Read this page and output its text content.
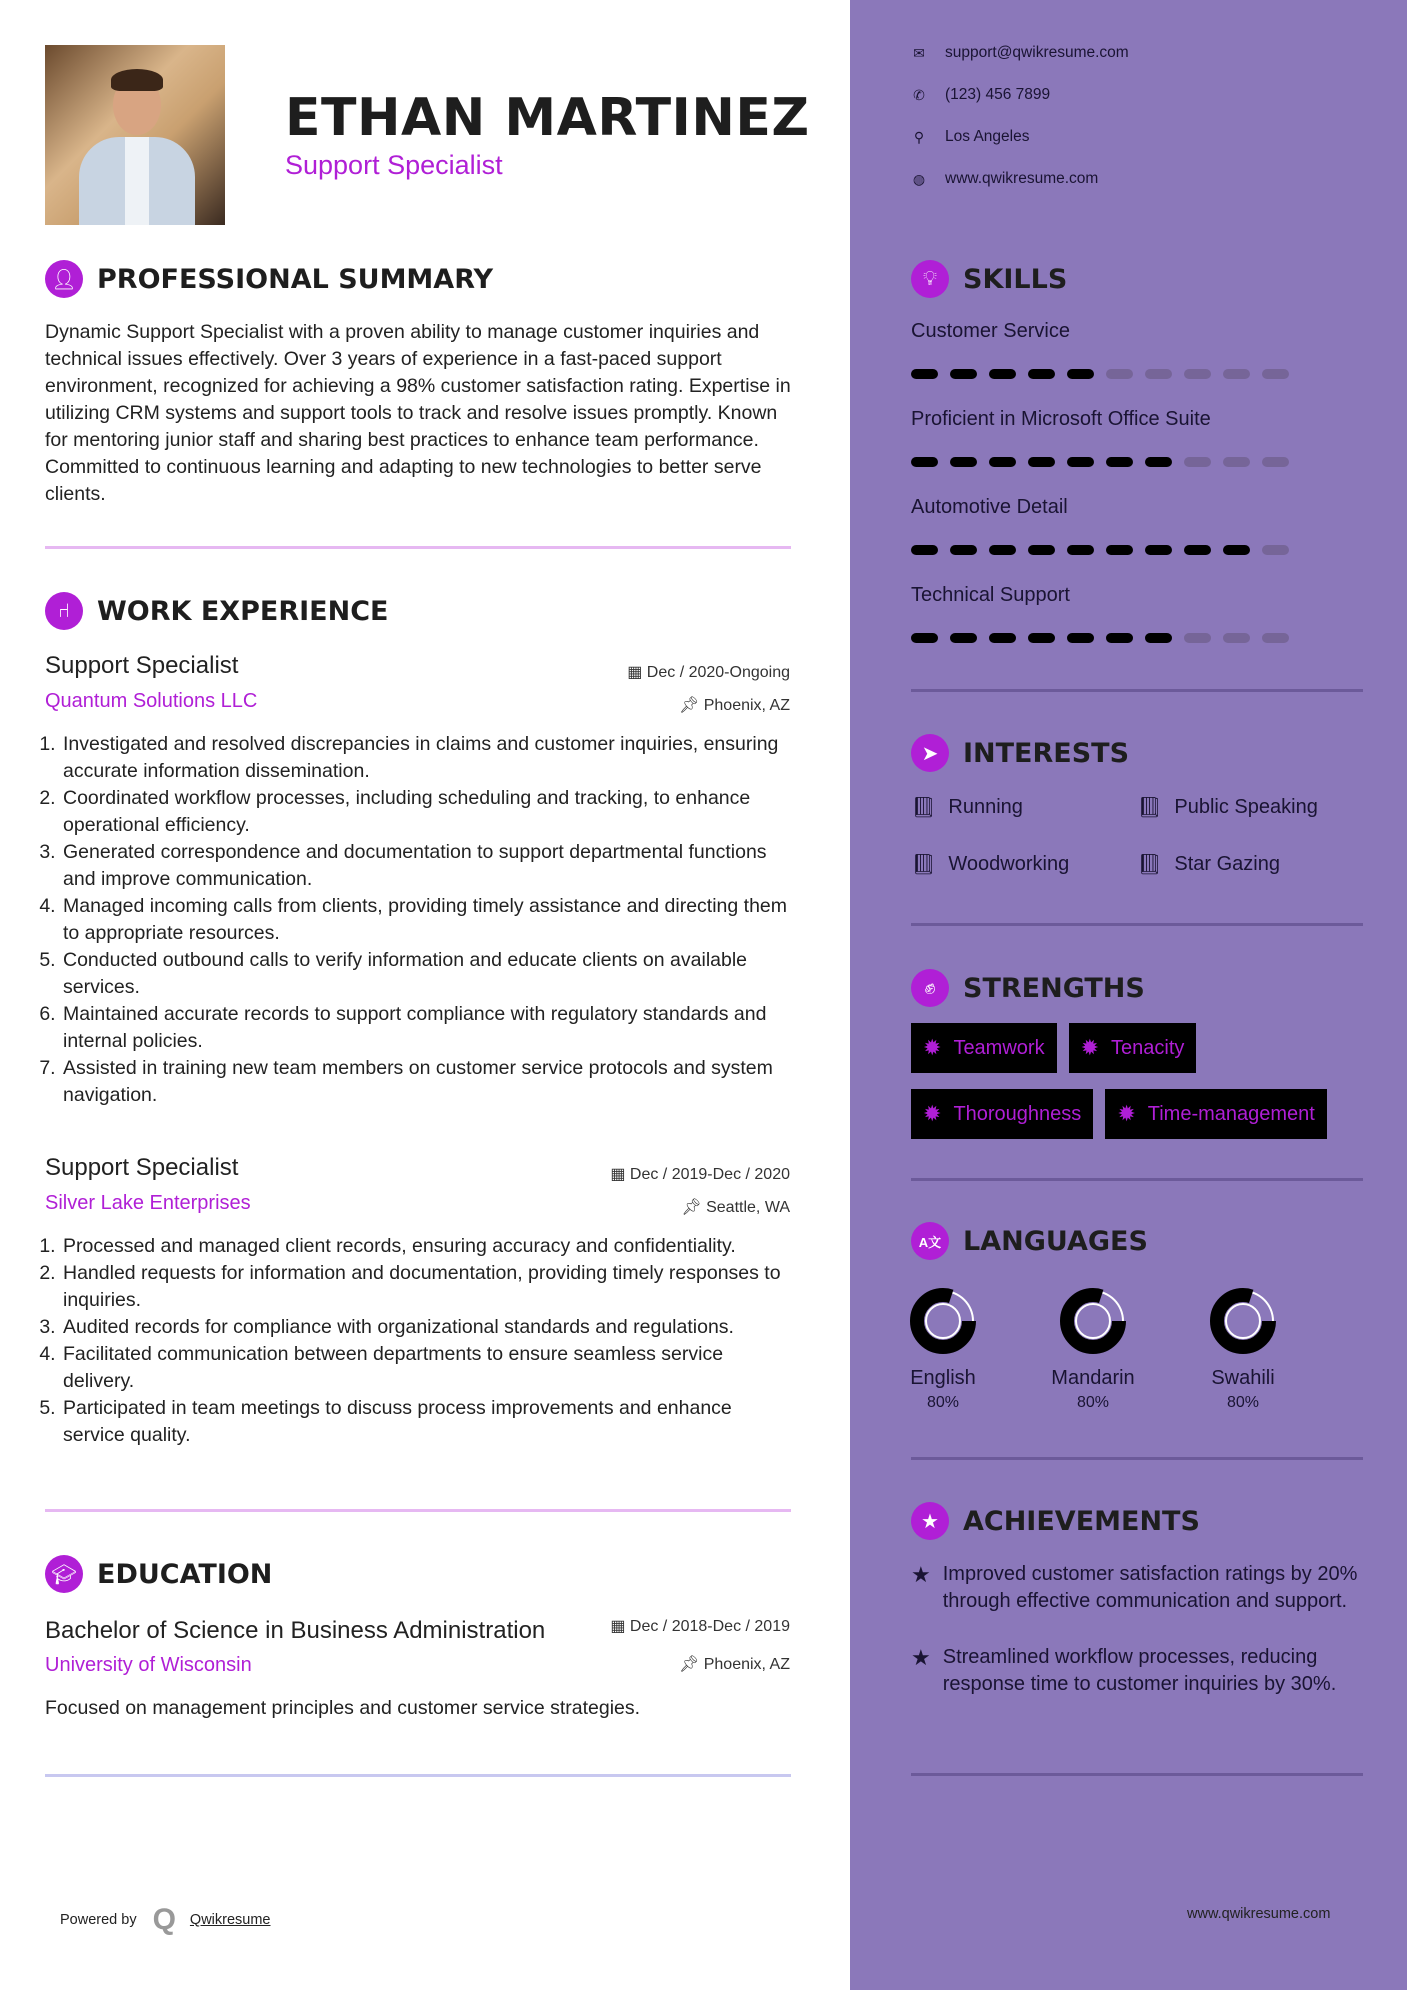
ETHAN MARTINEZ
Support Specialist
👤︎ PROFESSIONAL SUMMARY

Dynamic Support Specialist with a proven ability to manage customer inquiries and technical issues effectively. Over 3 years of experience in a fast-paced support environment, recognized for achieving a 98% customer satisfaction rating. Expertise in utilizing CRM systems and support tools to track and resolve issues promptly. Known for mentoring junior staff and sharing best practices to enhance team performance. Committed to continuous learning and adapting to new technologies to better serve clients.

⑁	WORK EXPERIENCE
Support Specialist
Quantum Solutions LLC
▦ Dec / 2020-Ongoing
📌︎ Phoenix, AZ
1. Investigated and resolved discrepancies in claims and customer inquiries, ensuring accurate information dissemination.
2. Coordinated workflow processes, including scheduling and tracking, to enhance operational efficiency.
3. Generated correspondence and documentation to support departmental functions and improve communication.
4. Managed incoming calls from clients, providing timely assistance and directing them to appropriate resources.
5. Conducted outbound calls to verify information and educate clients on available services.
6. Maintained accurate records to support compliance with regulatory standards and internal policies.
7. Assisted in training new team members on customer service protocols and system navigation.
Support Specialist
Silver Lake Enterprises
▦ Dec / 2019-Dec / 2020
📌︎ Seattle, WA
1. Processed and managed client records, ensuring accuracy and confidentiality.
2. Handled requests for information and documentation, providing timely responses to inquiries.
3. Audited records for compliance with organizational standards and regulations.
4. Facilitated communication between departments to ensure seamless service delivery.
5. Participated in team meetings to discuss process improvements and enhance service quality.
🎓︎ EDUCATION
Bachelor of Science in Business Administration
University of Wisconsin
▦ Dec / 2018-Dec / 2019
📌︎ Phoenix, AZ

Focused on management principles and customer service strategies.

Powered by Q Qwikresume	www.qwikresume.com
✉ support@qwikresume.com
✆ (123) 456 7899
⚲ Los Angeles
◍ www.qwikresume.com
💡︎ SKILLS
Customer Service
Proficient in Microsoft Office Suite
Automotive Detail
Technical Support
➤ INTERESTS
📕︎ Running	📕︎ Public Speaking
📕︎ Woodworking	📕︎ Star Gazing
✊︎	STRENGTHS
✹ Teamwork ✹ Tenacity

✹ Thoroughness ✹ Time-management
A文 LANGUAGES
English
80%
Mandarin
80%
Swahili
80%
★ ACHIEVEMENTS
★ Improved customer satisfaction ratings by 20% through effective communication and support.
★ Streamlined workflow processes, reducing response time to customer inquiries by 30%.
